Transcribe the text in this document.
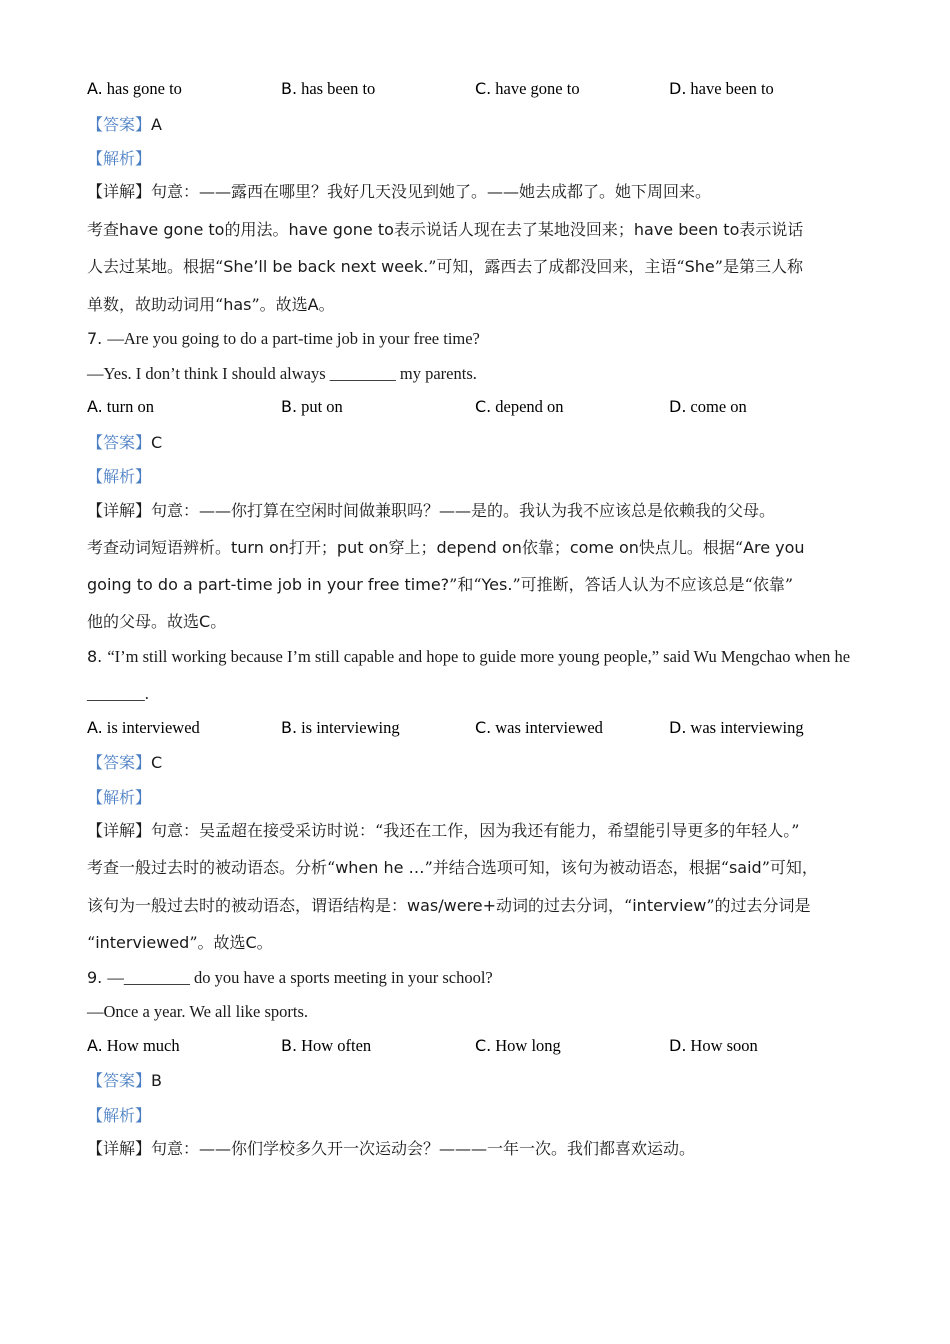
A. has gone to	B. has been to	C. have gone to	D. have been to
【答案】A
【解析】
【详解】句意：——露西在哪里？我好几天没见到她了。——她去成都了。她下周回来。
考查have gone to的用法。have gone to表示说话人现在去了某地没回来；have been to表示说话
人去过某地。根据“She’ll be back next week.”可知，露西去了成都没回来，主语“She”是第三人称
单数，故助动词用“has”。故选A。
7. —Are you going to do a part-time job in your free time?
—Yes. I don’t think I should always ________ my parents.
A. turn on	B. put on	C. depend on	D. come on
【答案】C
【解析】
【详解】句意：——你打算在空闲时间做兼职吗？——是的。我认为我不应该总是依赖我的父母。
考查动词短语辨析。turn on打开；put on穿上；depend on依靠；come on快点儿。根据“Are you
going to do a part-time job in your free time?”和“Yes.”可推断，答话人认为不应该总是“依靠”
他的父母。故选C。
8. “I’m still working because I’m still capable and hope to guide more young people,” said Wu Mengchao when he
_______.
A. is interviewed	B. is interviewing	C. was interviewed	D. was interviewing
【答案】C
【解析】
【详解】句意：吴孟超在接受采访时说：“我还在工作，因为我还有能力，希望能引导更多的年轻人。”
考查一般过去时的被动语态。分析“when he …”并结合选项可知，该句为被动语态，根据“said”可知，
该句为一般过去时的被动语态，谓语结构是：was/were+动词的过去分词，“interview”的过去分词是
“interviewed”。故选C。
9. —________ do you have a sports meeting in your school?
—Once a year. We all like sports.
A. How much	B. How often	C. How long	D. How soon
【答案】B
【解析】
【详解】句意：——你们学校多久开一次运动会？———一年一次。我们都喜欢运动。
